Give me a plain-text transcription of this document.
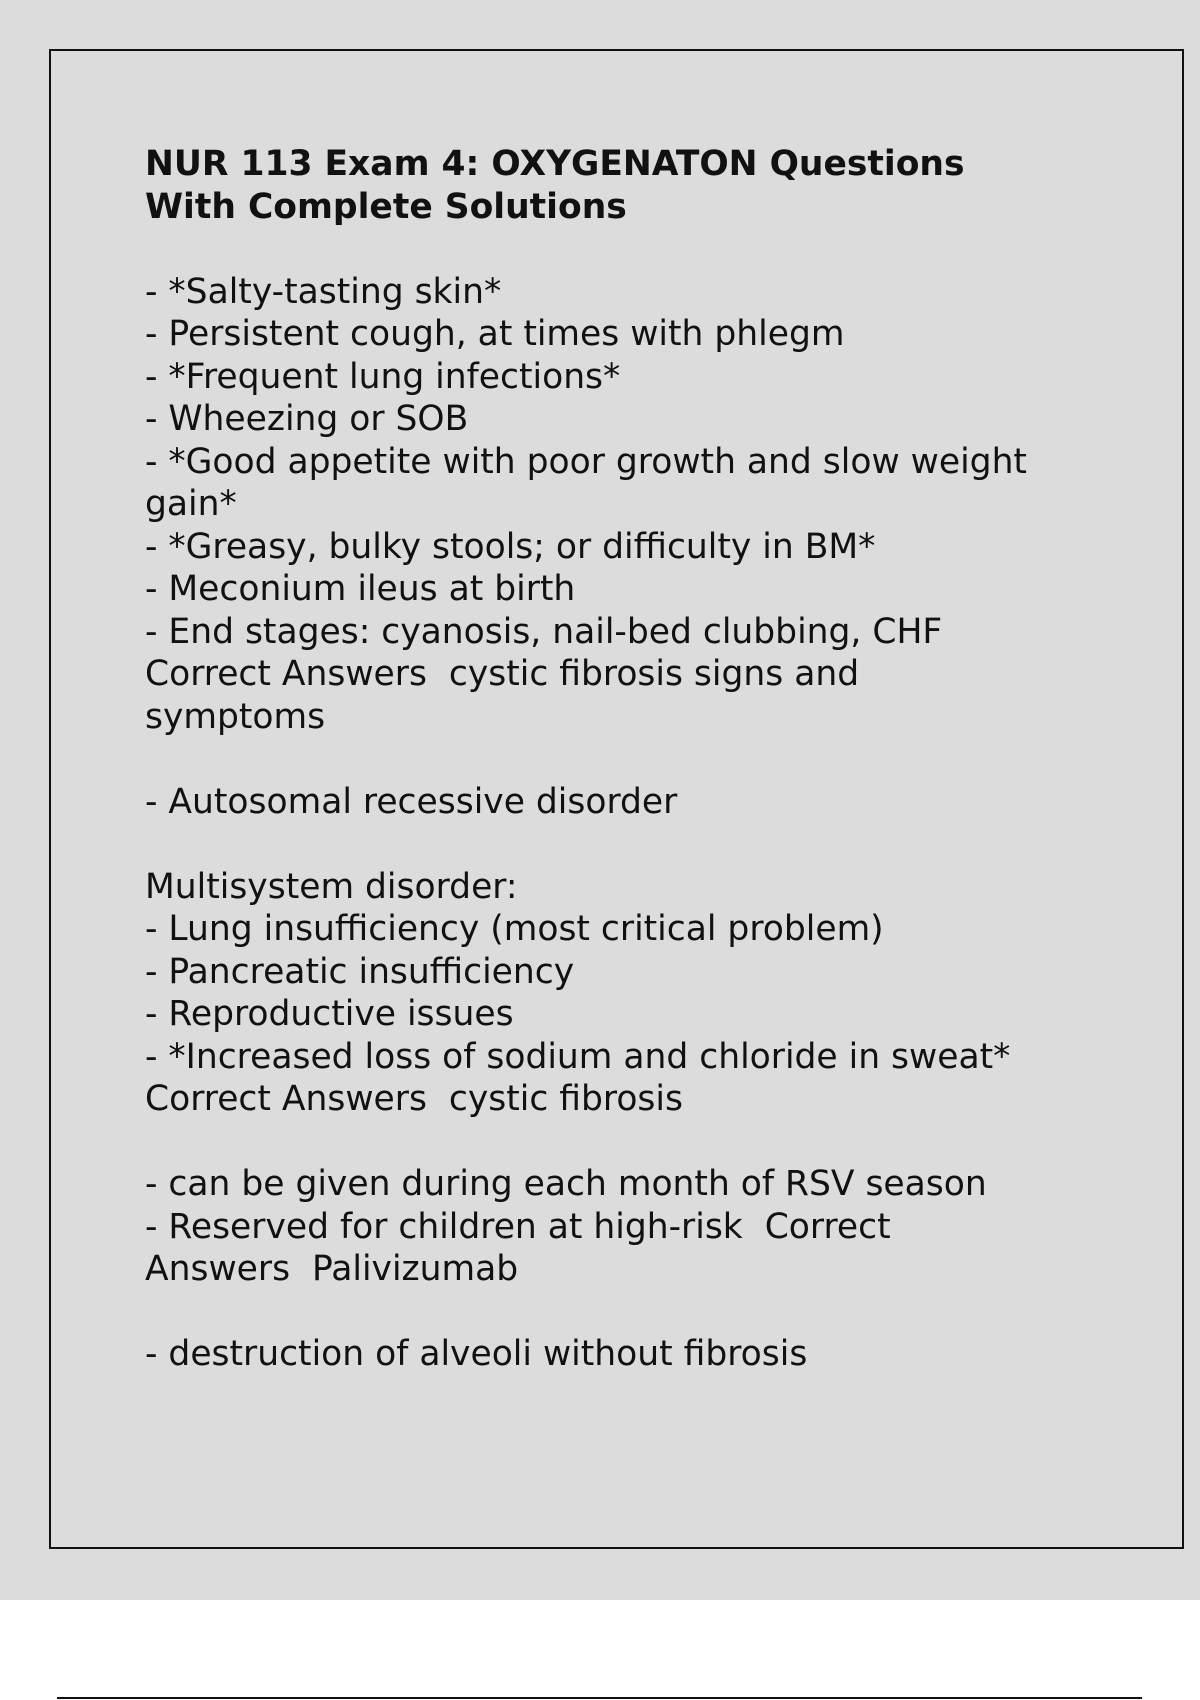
NUR 113 Exam 4: OXYGENATON Questions
With Complete Solutions

- *Salty-tasting skin*
- Persistent cough, at times with phlegm
- *Frequent lung infections*
- Wheezing or SOB
- *Good appetite with poor growth and slow weight gain*
- *Greasy, bulky stools; or difficulty in BM*
- Meconium ileus at birth
- End stages: cyanosis, nail-bed clubbing, CHF
Correct Answers  cystic fibrosis signs and
symptoms

- Autosomal recessive disorder

Multisystem disorder:
- Lung insufficiency (most critical problem)
- Pancreatic insufficiency
- Reproductive issues
- *Increased loss of sodium and chloride in sweat*
Correct Answers  cystic fibrosis

- can be given during each month of RSV season
- Reserved for children at high-risk  Correct
Answers  Palivizumab

- destruction of alveoli without fibrosis
